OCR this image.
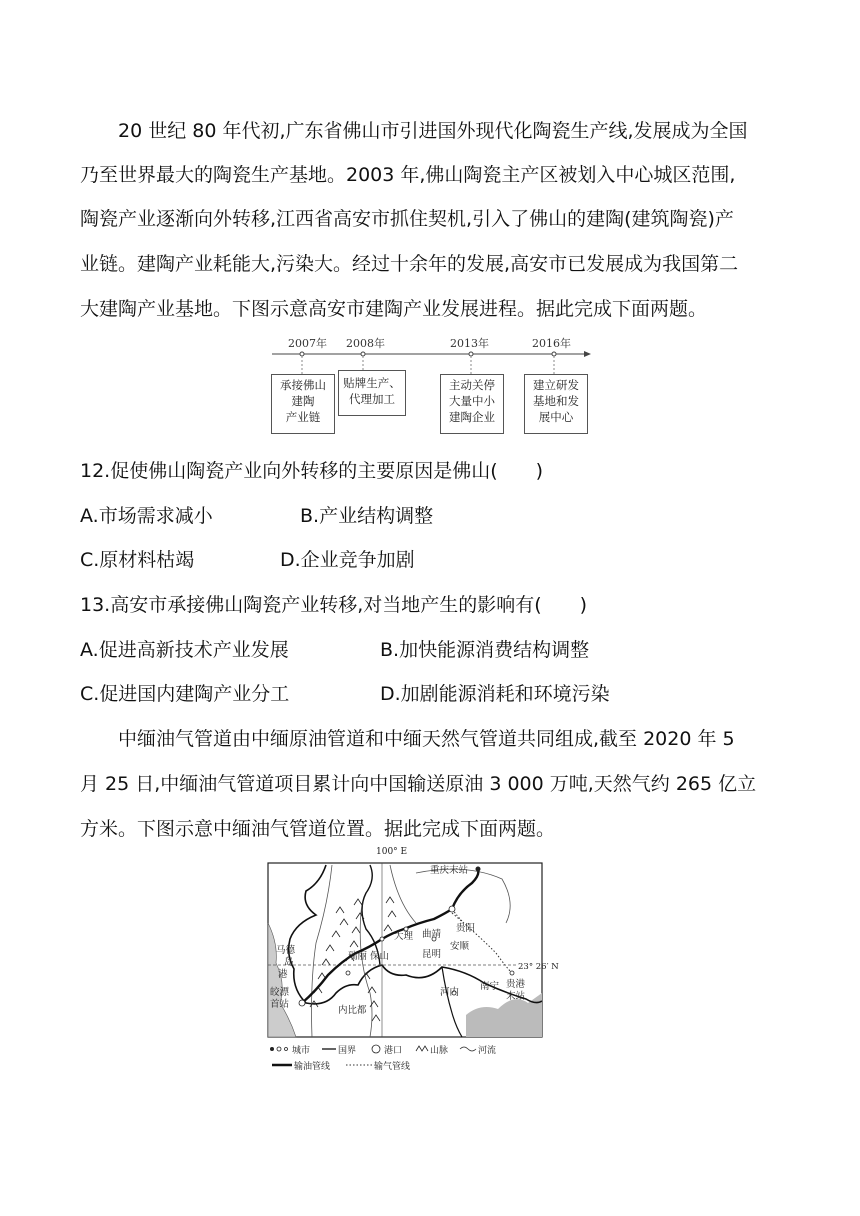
20 世纪 80 年代初,广东省佛山市引进国外现代化陶瓷生产线,发展成为全国
乃至世界最大的陶瓷生产基地。2003 年,佛山陶瓷主产区被划入中心城区范围,
陶瓷产业逐渐向外转移,江西省高安市抓住契机,引入了佛山的建陶(建筑陶瓷)产
业链。建陶产业耗能大,污染大。经过十余年的发展,高安市已发展成为我国第二
大建陶产业基地。下图示意高安市建陶产业发展进程。据此完成下面两题。
2007年 2008年	2013年	2016年
承接佛山
建陶
产业链
贴牌生产、
代理加工
主动关停
大量中小
建陶企业
建立研发
基地和发
展中心
12.促使佛山陶瓷产业向外转移的主要原因是佛山(　　)
A.市场需求减小	B.产业结构调整
C.原材料枯竭	D.企业竞争加剧
13.高安市承接佛山陶瓷产业转移,对当地产生的影响有(　　)
A.促进高新技术产业发展	B.加快能源消费结构调整
C.促进国内建陶产业分工	D.加剧能源消耗和环境污染
中缅油气管道由中缅原油管道和中缅天然气管道共同组成,截至 2020 年 5
月 25 日,中缅油气管道项目累计向中国输送原油 3 000 万吨,天然气约 265 亿立
方米。下图示意中缅油气管道位置。据此完成下面两题。
100° E
重庆末站
贵阳
安顺
曲靖
大理
昆明
瑞丽 保山
内比都
河内
南宁 贵港
末站
23° 26′ N
皎漂
首站
马德
岛
港
城市	国界	港口	山脉	河流
输油管线	输气管线
